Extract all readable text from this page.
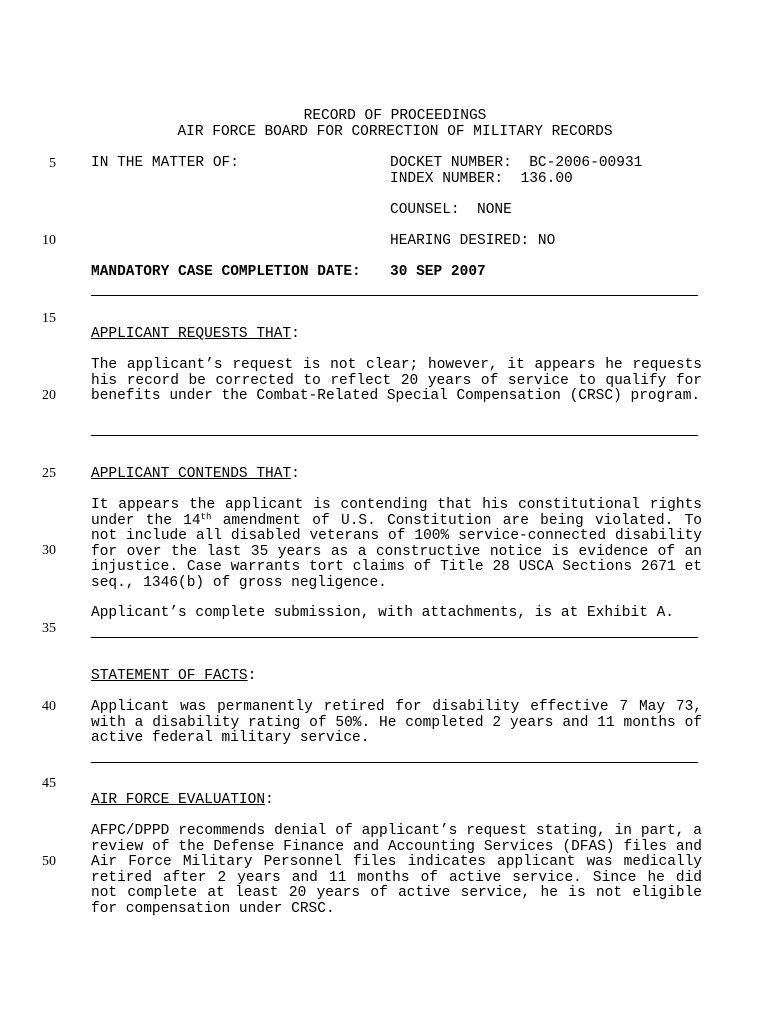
RECORD OF PROCEEDINGS
AIR FORCE BOARD FOR CORRECTION OF MILITARY RECORDS
5
10
15
20
25
30
35
40
45
50
IN THE MATTER OF:	DOCKET NUMBER:  BC-2006-00931
INDEX NUMBER:  136.00
COUNSEL:  NONE
HEARING DESIRED: NO
MANDATORY CASE COMPLETION DATE: 30 SEP 2007
APPLICANT REQUESTS THAT:
The applicant’s request is not clear; however, it appears he requests his record be corrected to reflect 20 years of service to qualify for benefits under the Combat-Related Special Compensation (CRSC) program.
APPLICANT CONTENDS THAT:
It appears the applicant is contending that his constitutional rights under the 14th amendment of U.S. Constitution are being violated. To not include all disabled veterans of 100% service-connected disability for over the last 35 years as a constructive notice is evidence of an injustice. Case warrants tort claims of Title 28 USCA Sections 2671 et seq., 1346(b) of gross negligence.
Applicant’s complete submission, with attachments, is at Exhibit A.
STATEMENT OF FACTS:
Applicant was permanently retired for disability effective 7 May 73, with a disability rating of 50%. He completed 2 years and 11 months of active federal military service.
AIR FORCE EVALUATION:
AFPC/DPPD recommends denial of applicant’s request stating, in part, a review of the Defense Finance and Accounting Services (DFAS) files and Air Force Military Personnel files indicates applicant was medically retired after 2 years and 11 months of active service. Since he did not complete at least 20 years of active service, he is not eligible for compensation under CRSC.
